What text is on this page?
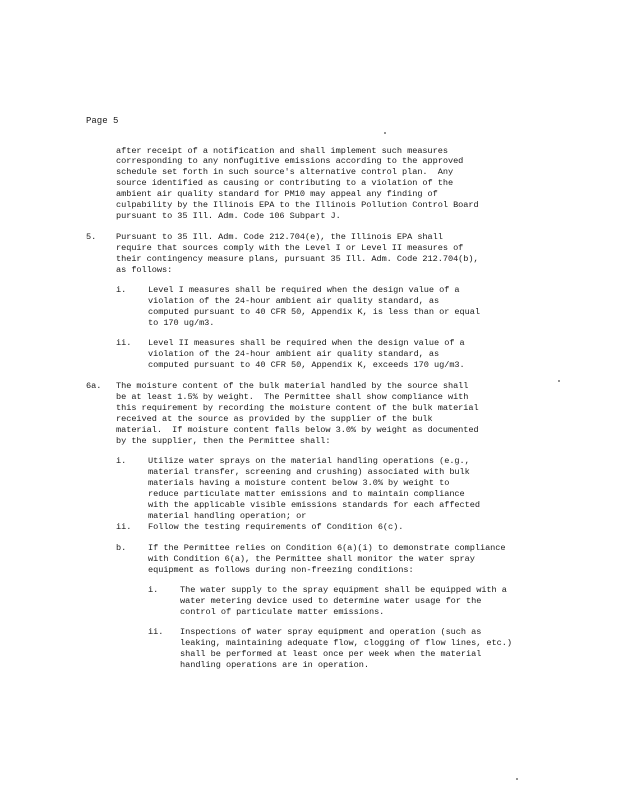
Page 5
after receipt of a notification and shall implement such measures
corresponding to any nonfugitive emissions according to the approved
schedule set forth in such source's alternative control plan.  Any
source identified as causing or contributing to a violation of the
ambient air quality standard for PM10 may appeal any finding of
culpability by the Illinois EPA to the Illinois Pollution Control Board
pursuant to 35 Ill. Adm. Code 106 Subpart J.
5. Pursuant to 35 Ill. Adm. Code 212.704(e), the Illinois EPA shall
require that sources comply with the Level I or Level II measures of
their contingency measure plans, pursuant 35 Ill. Adm. Code 212.704(b),
as follows:
i.	Level I measures shall be required when the design value of a
violation of the 24-hour ambient air quality standard, as
computed pursuant to 40 CFR 50, Appendix K, is less than or equal
to 170 ug/m3.
ii. Level II measures shall be required when the design value of a
violation of the 24-hour ambient air quality standard, as
computed pursuant to 40 CFR 50, Appendix K, exceeds 170 ug/m3.
6a. The moisture content of the bulk material handled by the source shall
be at least 1.5% by weight.  The Permittee shall show compliance with
this requirement by recording the moisture content of the bulk material
received at the source as provided by the supplier of the bulk
material.  If moisture content falls below 3.0% by weight as documented
by the supplier, then the Permittee shall:
i.	Utilize water sprays on the material handling operations (e.g.,
material transfer, screening and crushing) associated with bulk
materials having a moisture content below 3.0% by weight to
reduce particulate matter emissions and to maintain compliance
with the applicable visible emissions standards for each affected
material handling operation; or
ii. Follow the testing requirements of Condition 6(c).
b.	If the Permittee relies on Condition 6(a)(i) to demonstrate compliance
with Condition 6(a), the Permittee shall monitor the water spray
equipment as follows during non-freezing conditions:
i.	The water supply to the spray equipment shall be equipped with a
water metering device used to determine water usage for the
control of particulate matter emissions.
ii. Inspections of water spray equipment and operation (such as
leaking, maintaining adequate flow, clogging of flow lines, etc.)
shall be performed at least once per week when the material
handling operations are in operation.
